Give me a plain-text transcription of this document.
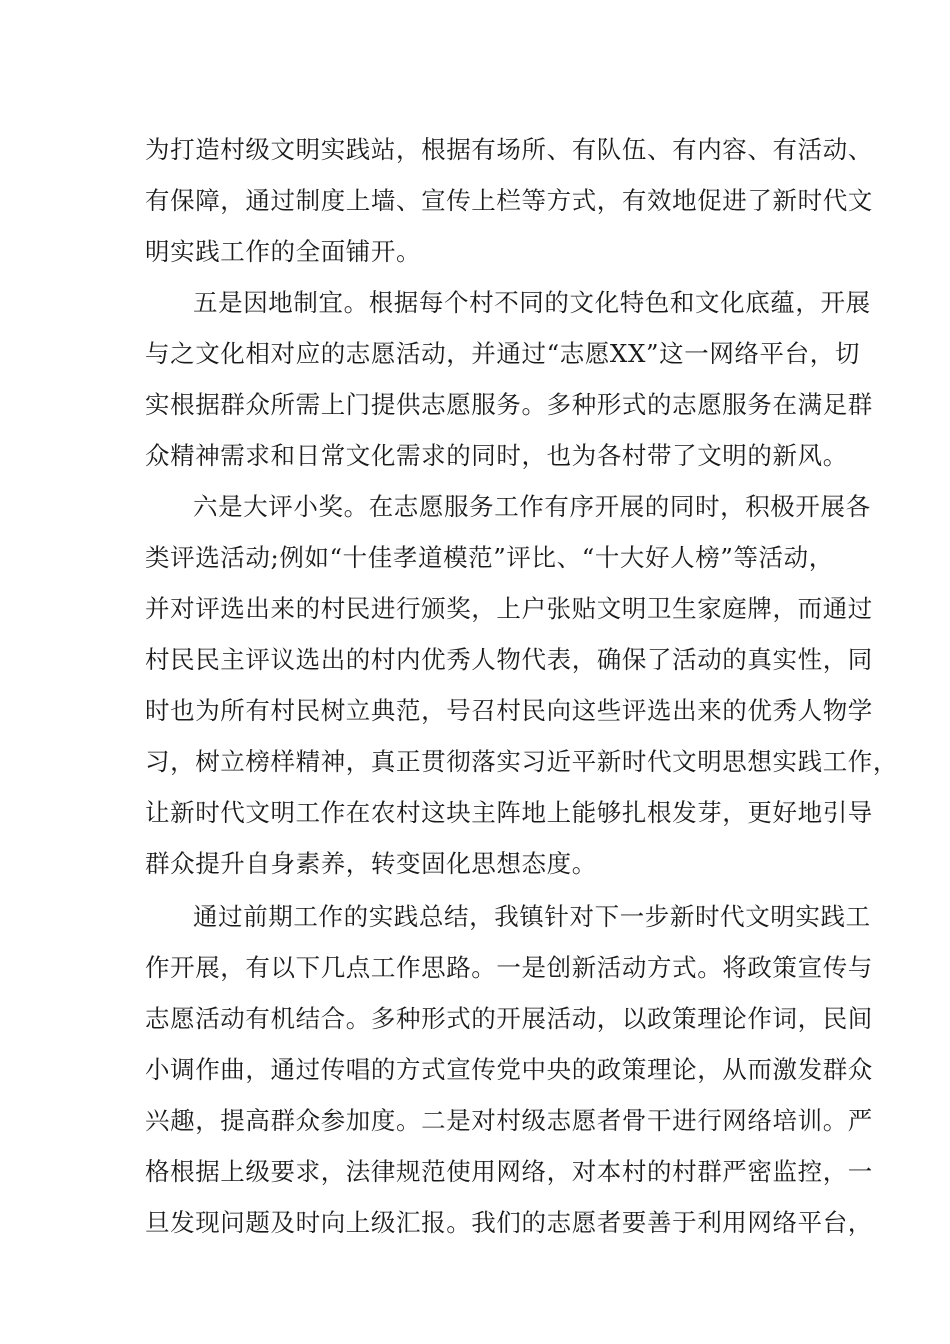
为打造村级文明实践站，根据有场所、有队伍、有内容、有活动、
有保障，通过制度上墙、宣传上栏等方式，有效地促进了新时代文
明实践工作的全面铺开。
五是因地制宜。根据每个村不同的文化特色和文化底蕴，开展
与之文化相对应的志愿活动，并通过“志愿XX”这一网络平台，切
实根据群众所需上门提供志愿服务。多种形式的志愿服务在满足群
众精神需求和日常文化需求的同时，也为各村带了文明的新风。
六是大评小奖。在志愿服务工作有序开展的同时，积极开展各
类评选活动;例如“十佳孝道模范”评比、“十大好人榜”等活动，
并对评选出来的村民进行颁奖，上户张贴文明卫生家庭牌，而通过
村民民主评议选出的村内优秀人物代表，确保了活动的真实性，同
时也为所有村民树立典范，号召村民向这些评选出来的优秀人物学
习，树立榜样精神，真正贯彻落实习近平新时代文明思想实践工作，
让新时代文明工作在农村这块主阵地上能够扎根发芽，更好地引导
群众提升自身素养，转变固化思想态度。
通过前期工作的实践总结，我镇针对下一步新时代文明实践工
作开展，有以下几点工作思路。一是创新活动方式。将政策宣传与
志愿活动有机结合。多种形式的开展活动，以政策理论作词，民间
小调作曲，通过传唱的方式宣传党中央的政策理论，从而激发群众
兴趣，提高群众参加度。二是对村级志愿者骨干进行网络培训。严
格根据上级要求，法律规范使用网络，对本村的村群严密监控，一
旦发现问题及时向上级汇报。我们的志愿者要善于利用网络平台，
